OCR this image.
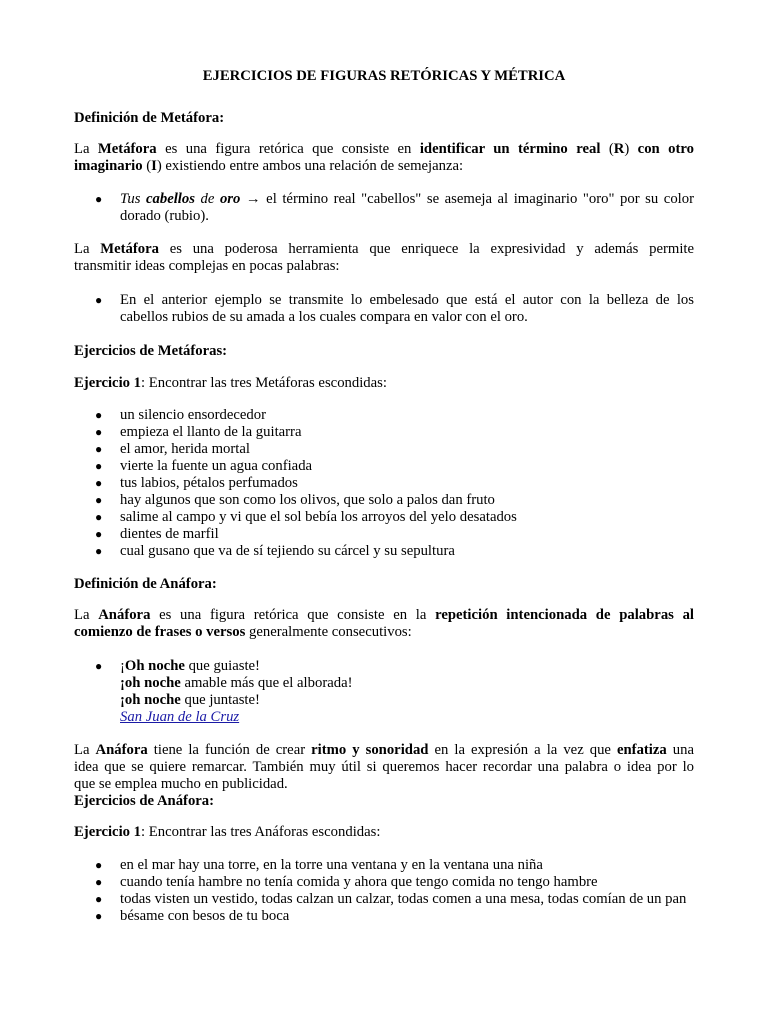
EJERCICIOS DE FIGURAS RETÓRICAS Y MÉTRICA

Definición de Metáfora:

La Metáfora es una figura retórica que consiste en identificar un término real (R) con otro

imaginario (I) existiendo entre ambos una relación de semejanza:

● Tus cabellos de oro → el término real "cabellos" se asemeja al imaginario "oro" por su color
dorado (rubio).

La Metáfora es una poderosa herramienta que enriquece la expresividad y además permite

transmitir ideas complejas en pocas palabras:

● En el anterior ejemplo se transmite lo embelesado que está el autor con la belleza de los
cabellos rubios de su amada a los cuales compara en valor con el oro.

Ejercicios de Metáforas:

Ejercicio 1: Encontrar las tres Metáforas escondidas:

● un silencio ensordecedor
● empieza el llanto de la guitarra
● el amor, herida mortal
● vierte la fuente un agua confiada
● tus labios, pétalos perfumados
● hay algunos que son como los olivos, que solo a palos dan fruto
● salime al campo y vi que el sol bebía los arroyos del yelo desatados
● dientes de marfil
● cual gusano que va de sí tejiendo su cárcel y su sepultura

Definición de Anáfora:

La Anáfora es una figura retórica que consiste en la repetición intencionada de palabras al

comienzo de frases o versos generalmente consecutivos:

● ¡Oh noche que guiaste!
¡oh noche amable más que el alborada!
¡oh noche que juntaste!
San Juan de la Cruz

La Anáfora tiene la función de crear ritmo y sonoridad en la expresión a la vez que enfatiza una

idea que se quiere remarcar. También muy útil si queremos hacer recordar una palabra o idea por lo

que se emplea mucho en publicidad.

Ejercicios de Anáfora:

Ejercicio 1: Encontrar las tres Anáforas escondidas:

● en el mar hay una torre, en la torre una ventana y en la ventana una niña
● cuando tenía hambre no tenía comida y ahora que tengo comida no tengo hambre
● todas visten un vestido, todas calzan un calzar, todas comen a una mesa, todas comían de un pan
● bésame con besos de tu boca
